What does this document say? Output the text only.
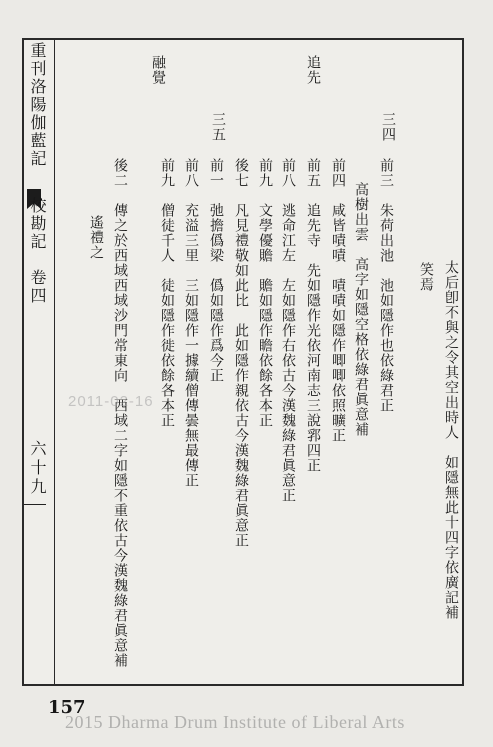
重刊洛陽伽藍記
校勘記　卷四
六十九
太后卽不與之令其空出時人　如隱無此十四字依廣記補
笑焉
三四
前三　朱荷出池　池如隱作也依綠君正
高樹出雲　高字如隱空格依綠君眞意補
前四　咸皆嘖嘖　嘖嘖如隱作唧唧依照曠正
追先
前五　追先寺　先如隱作光依河南志三說郛四正
前八　逃命江左　左如隱作右依古今漢魏綠君眞意正
前九　文學優贍　贍如隱作瞻依餘各本正
後七　凡見禮敬如此比　此如隱作親依古今漢魏綠君眞意正
融覺
三五
前一　弛擔僞梁　僞如隱作爲今正
前八　充溢三里　三如隱作一據續僧傳曇無最傳正
前九　僧徒千人　徒如隱作徙依餘各本正
後二　傳之於西域西域沙門常東向　西域二字如隱不重依古今漢魏綠君眞意補
遙禮之
2011-02-16
157
2015 Dharma Drum Institute of Liberal Arts
